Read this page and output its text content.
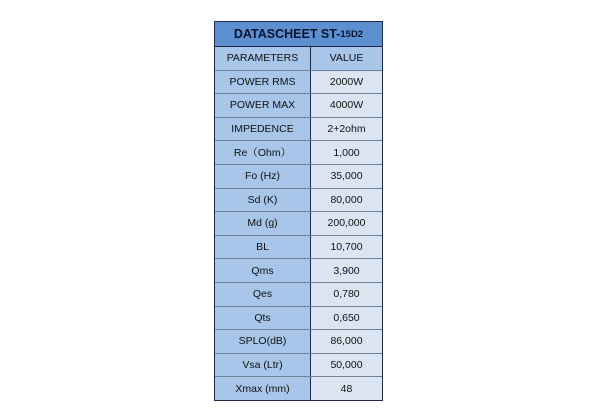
DATASCHEET ST- 15D2
PARAMETERS	VALUE
POWER RMS	2000W
POWER MAX	4000W
IMPEDENCE	2+2ohm
Re（Ohm）	1,000
Fo (Hz)	35,000
Sd (K)	80,000
Md (g)	200,000
BL	10,700
Qms	3,900
Qes	0,780
Qts	0,650
SPLO(dB)	86,000
Vsa (Ltr)	50,000
Xmax (mm)	48
